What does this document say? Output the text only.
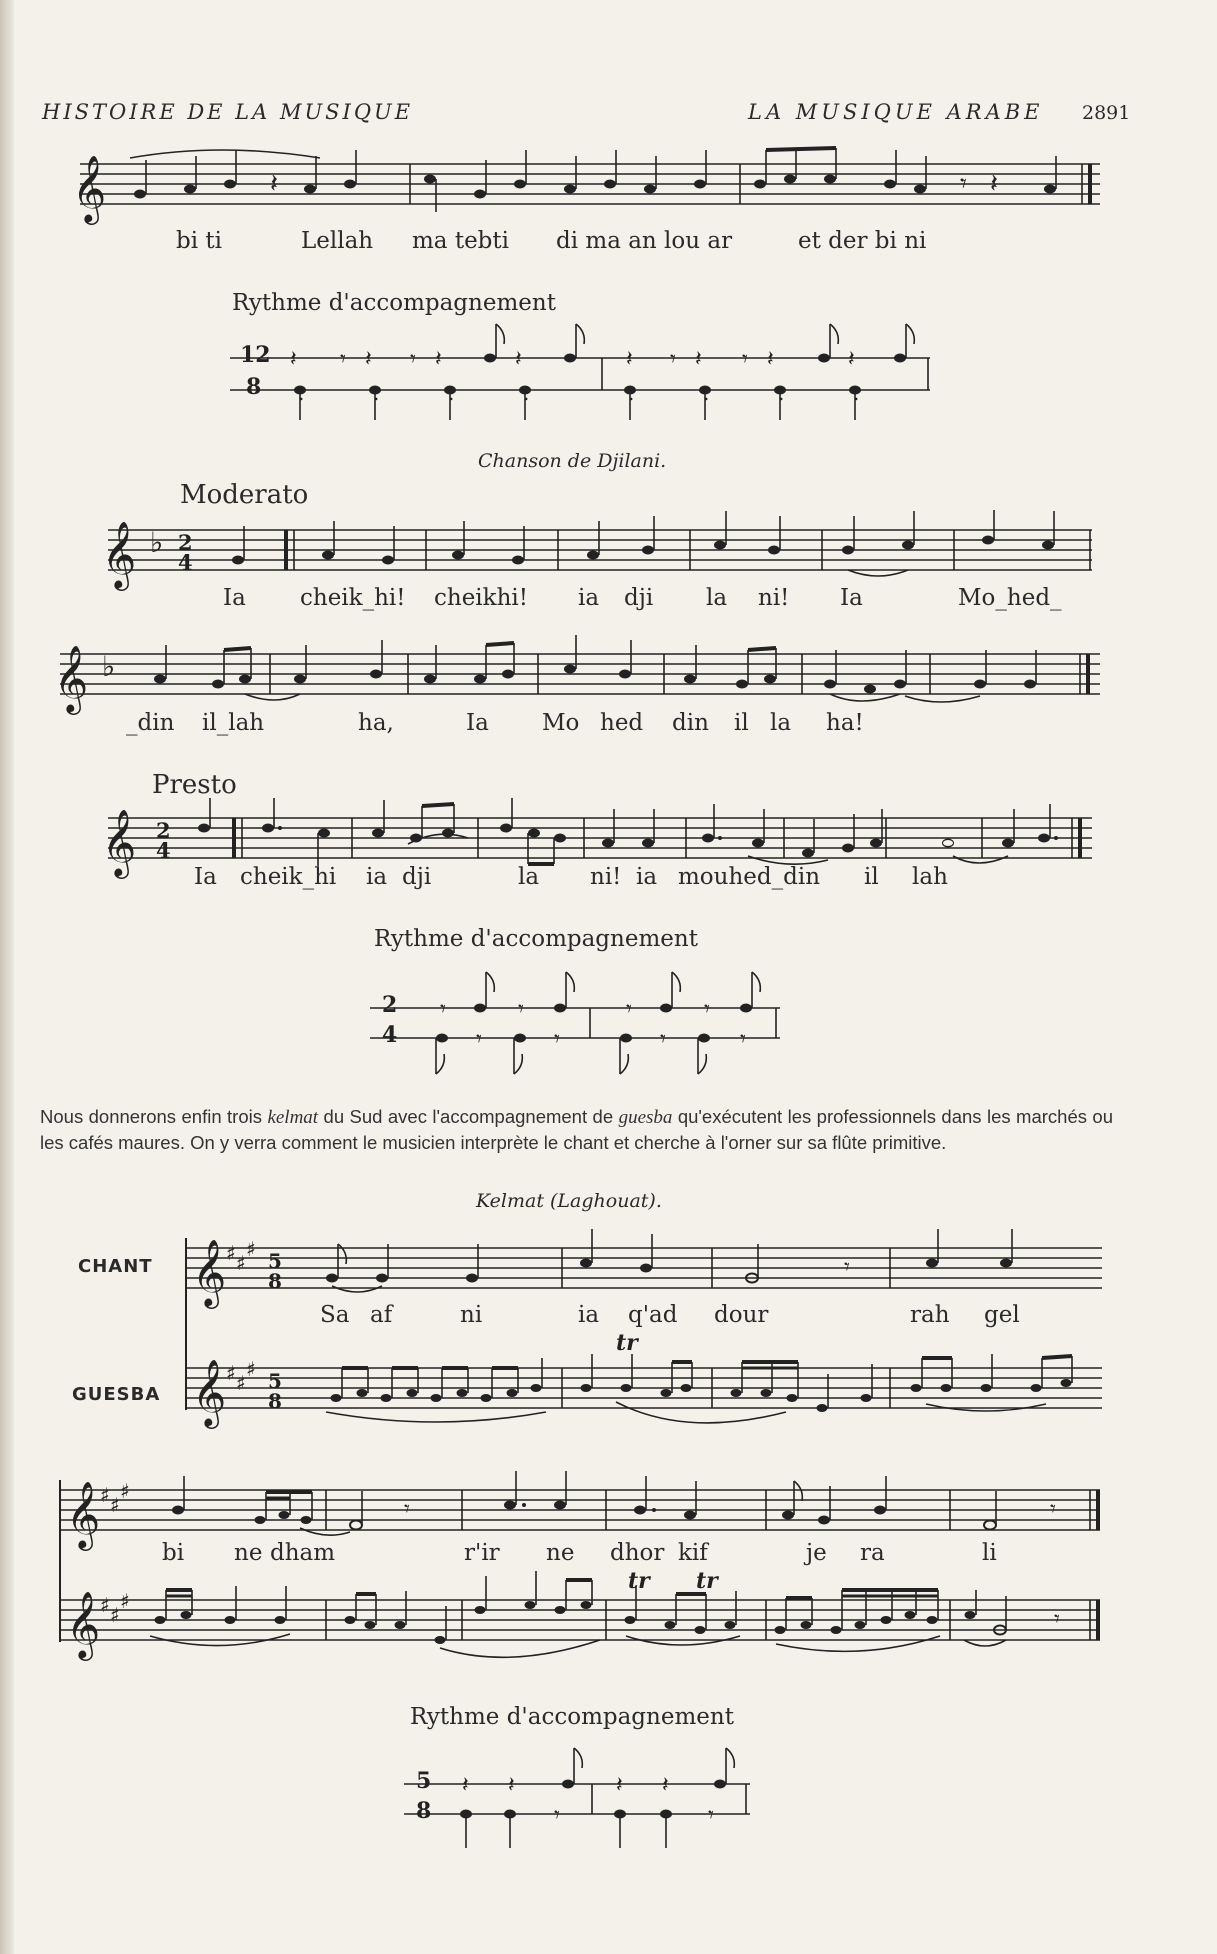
HISTOIRE DE LA MUSIQUE	LA MUSIQUE ARABE 2891
𝄞	𝄽	𝄾 𝄽
bi ti	Lellah ma tebti di ma an lou ar	et der bi ni
Rythme d'accompagnement
12
8
𝄽 𝄾 𝄽 𝄾 𝄽	𝄽	𝄽 𝄾 𝄽 𝄾 𝄽	𝄽
.	.	.	.	.	.	.	.
Chanson de Djilani.
Moderato
𝄞 ♭ 2
4
Ia cheik_hi! cheikhi! ia dji la ni! Ia	Mo_hed_
𝄞 ♭
_din il_lah	ha,	Ia Mo hed din il la ha!
Presto
𝄞 2
4
Ia cheik_hi ia dji	la ni! ia mouhed_din il lah
Rythme d'accompagnement
2
4
𝄾	𝄾	𝄾	𝄾
𝄾	𝄾	𝄾	𝄾
Nous donnerons enfin trois kelmat du Sud avec l'accompagnement de guesba qu'exécutent les professionnels dans les marchés ou les cafés maures. On y verra comment le musicien interprète le chant et cherche à l'orner sur sa flûte primitive.
Kelmat (Laghouat).
CHANT
GUESBA
𝄞
𝄞
♯ ♯
♯
♯ ♯
♯
5
8
5
8
𝄾
tr
Sa af	ni	ia q'ad dour	rah gel
𝄞
𝄞
♯ ♯
♯
♯ ♯
♯
𝄾	𝄾
𝄾
tr tr
bi ne dham	r'ir ne dhor kif	je ra	li
Rythme d'accompagnement
5
8
𝄽 𝄽	𝄽 𝄽
𝄾	𝄾
